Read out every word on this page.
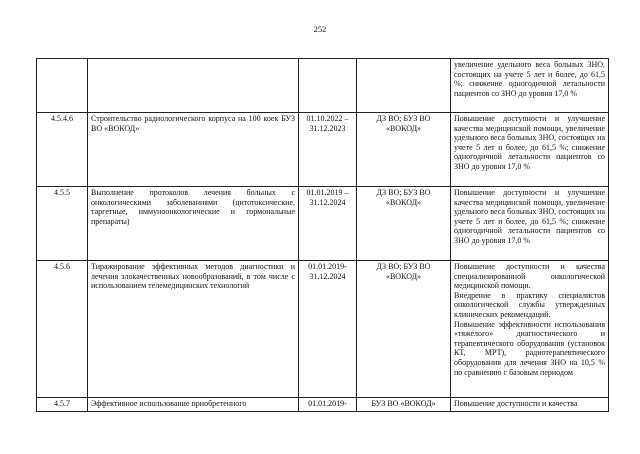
252

				увеличение удельного веса больных ЗНО, состоящих на учете 5 лет и более, до 61,5 %; снижение одногодичной летальности пациентов со ЗНО до уровня 17,0 %

4.5.4.6	Строительство радиологического корпуса на 100 коек БУЗ ВО «ВОКОД»	01.10.2022 – 31.12.2023	ДЗ ВО; БУЗ ВО «ВОКОД»	Повышение доступности и улучшение качества медицинской помощи, увеличение удельного веса больных ЗНО, состоящих на учете 5 лет и более, до 61,5 %; снижение одногодичной летальности пациентов со ЗНО до уровня 17,0 %

4.5.5	Выполнение протоколов лечения больных с онкологическими заболеваниями (цитотоксические, таргетные, иммуноонкологические и гормональные препараты)	01.01.2019 – 31.12.2024	ДЗ ВО; БУЗ ВО «ВОКОД»	Повышение доступности и улучшение качества медицинской помощи, увеличение удельного веса больных ЗНО, состоящих на учете 5 лет и более, до 61,5 %; снижение одногодичной летальности пациентов со ЗНО до уровня 17,0 %

4.5.6	Тиражирование эффективных методов диагностики и лечения злокачественных новообразований, в том числе с использованием телемедицинских технологий	01.01.2019- 31.12.2024	ДЗ ВО; БУЗ ВО «ВОКОД»	Повышение доступности и качества специализированной онкологической медицинской помощи.

Внедрение в практику специалистов онкологической службы утвержденных клинических рекомендаций.

Повышение эффективности использования «тяжелого» диагностического и терапевтического оборудования (установок КТ, МРТ), радиотерапевтического оборудования для лечения ЗНО на 10,5 % по сравнению с базовым периодом

4.5.7	Эффективное использование приобретенного	01.01.2019-	БУЗ ВО «ВОКОД»	Повышение доступности и качества
